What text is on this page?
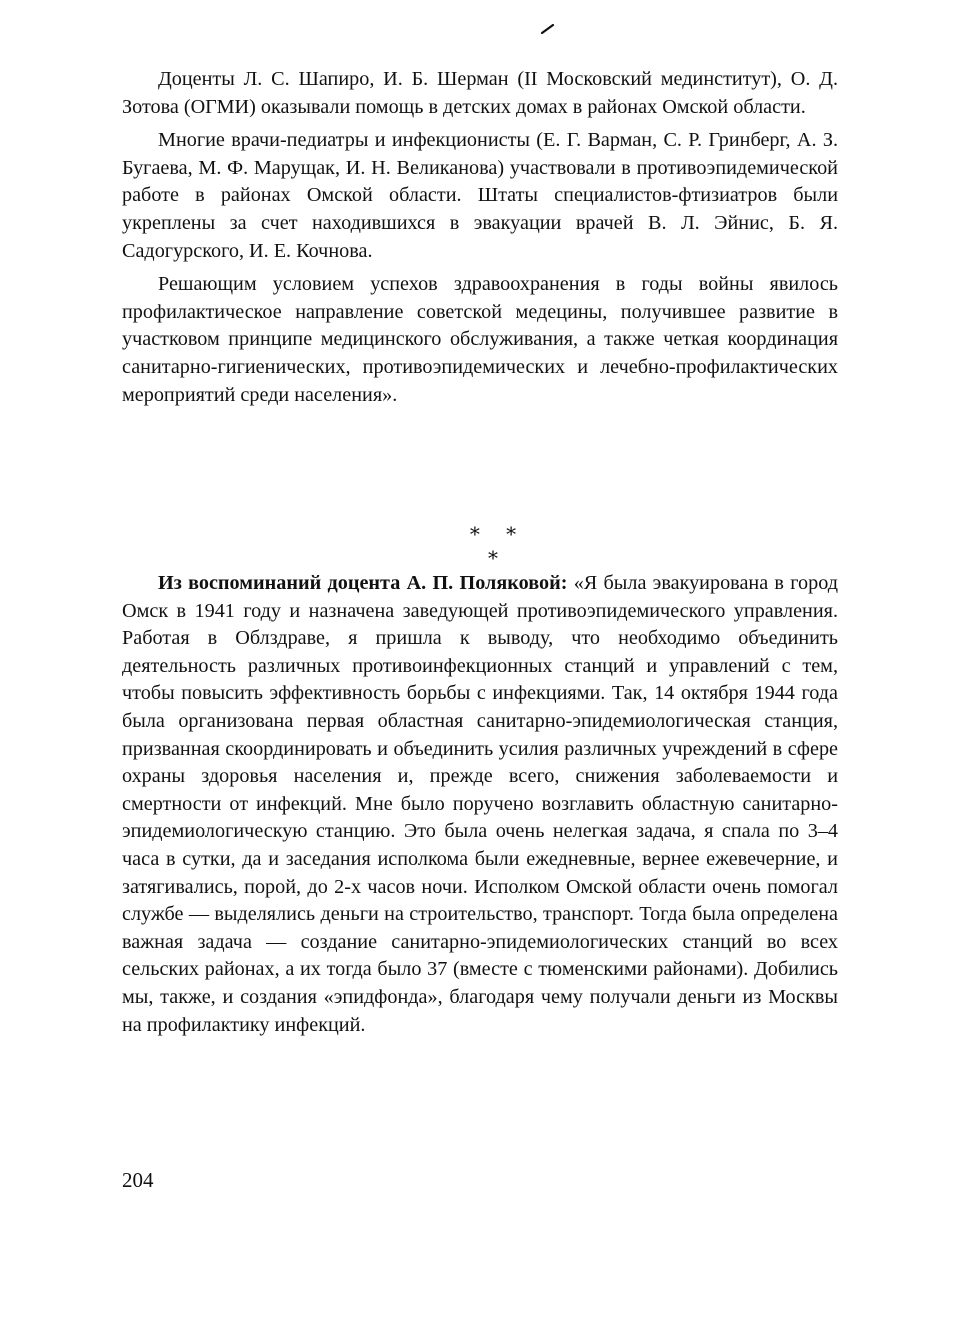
Доценты Л. С. Шапиро, И. Б. Шерман (II Московский мединститут), О. Д. Зотова (ОГМИ) оказывали помощь в детских домах в районах Омской области.

Многие врачи-педиатры и инфекционисты (Е. Г. Варман, С. Р. Гринберг, А. З. Бугаева, М. Ф. Марущак, И. Н. Великанова) участвовали в противоэпидемической работе в районах Омской области. Штаты специалистов-фтизиатров были укреплены за счет находившихся в эвакуации врачей В. Л. Эйнис, Б. Я. Садогурского, И. Е. Кочнова.

Решающим условием успехов здравоохранения в годы войны явилось профилактическое направление советской медецины, получившее развитие в участковом принципе медицинского обслуживания, а также четкая координация санитарно-гигиенических, противоэпидемических и лечебно-профилактических мероприятий среди населения».

* * *

Из воспоминаний доцента А. П. Поляковой: «Я была эвакуирована в город Омск в 1941 году и назначена заведующей противоэпидемического управления. Работая в Облздраве, я пришла к выводу, что необходимо объединить деятельность различных противоинфекционных станций и управлений с тем, чтобы повысить эффективность борьбы с инфекциями. Так, 14 октября 1944 года была организована первая областная санитарно-эпидемиологическая станция, призванная скоординировать и объединить усилия различных учреждений в сфере охраны здоровья населения и, прежде всего, снижения заболеваемости и смертности от инфекций. Мне было поручено возглавить областную санитарно-эпидемиологическую станцию. Это была очень нелегкая задача, я спала по 3–4 часа в сутки, да и заседания исполкома были ежедневные, вернее ежевечерние, и затягивались, порой, до 2-х часов ночи. Исполком Омской области очень помогал службе — выделялись деньги на строительство, транспорт. Тогда была определена важная задача — создание санитарно-эпидемиологических станций во всех сельских районах, а их тогда было 37 (вместе с тюменскими районами). Добились мы, также, и создания «эпидфонда», благодаря чему получали деньги из Москвы на профилактику инфекций.

204
